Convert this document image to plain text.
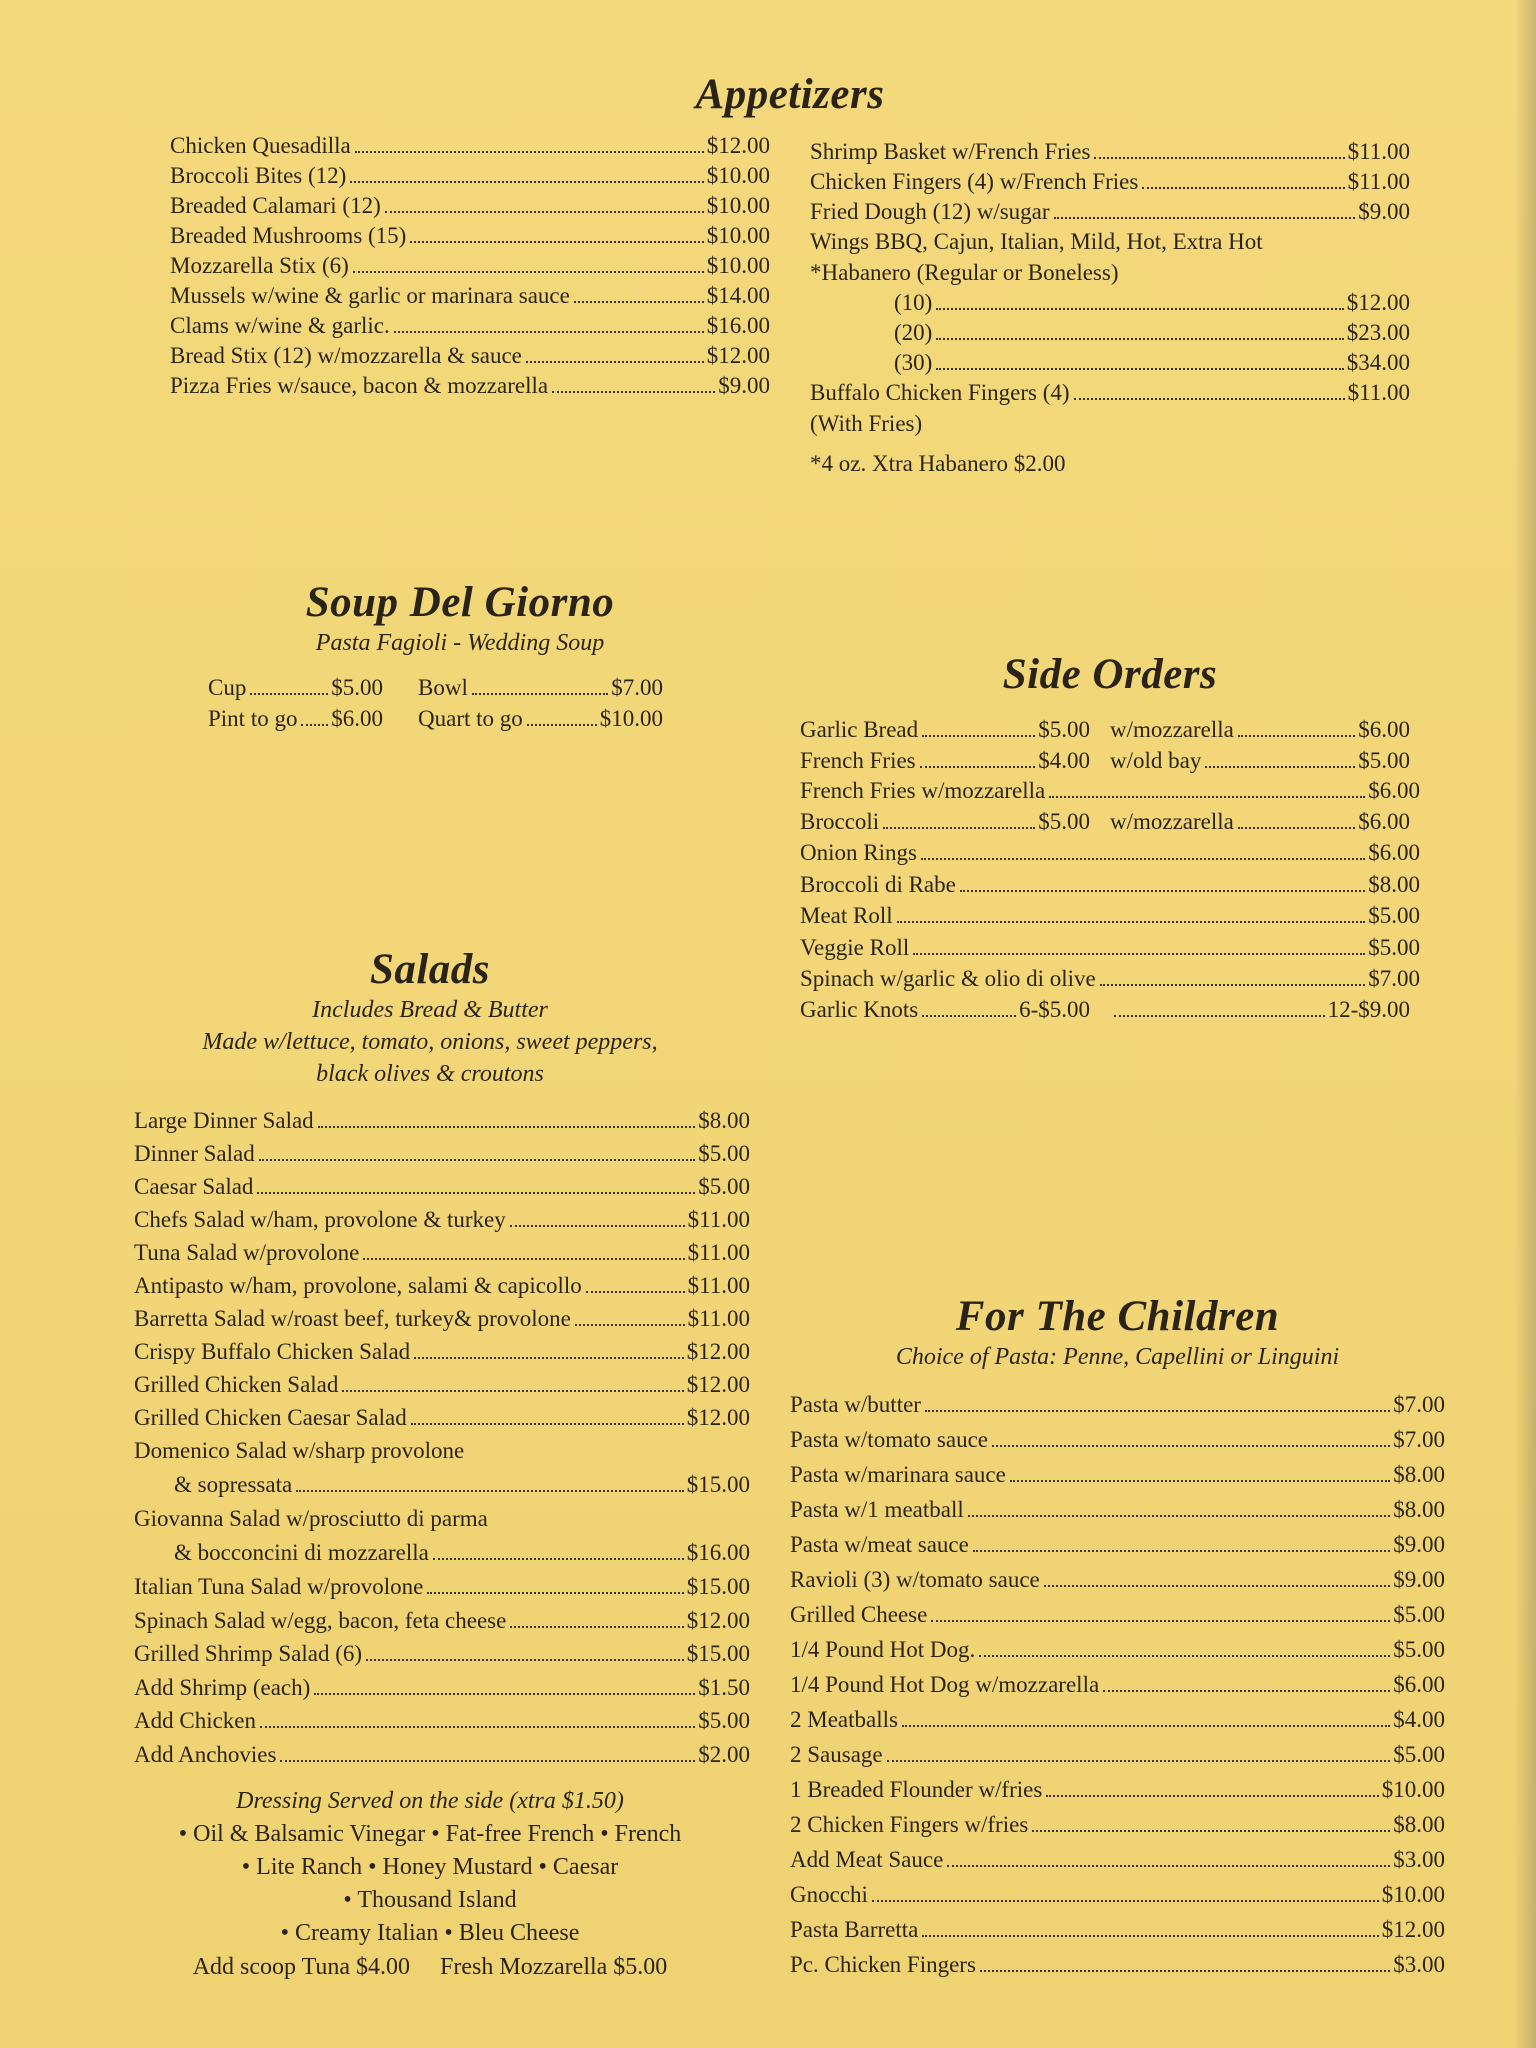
Appetizers
Chicken Quesadilla	$12.00
Broccoli Bites (12)	$10.00
Breaded Calamari (12)	$10.00
Breaded Mushrooms (15)	$10.00
Mozzarella Stix (6)	$10.00
Mussels w/wine & garlic or marinara sauce	$14.00
Clams w/wine & garlic.	$16.00
Bread Stix (12) w/mozzarella & sauce	$12.00
Pizza Fries w/sauce, bacon & mozzarella	$9.00
Shrimp Basket w/French Fries	$11.00
Chicken Fingers (4) w/French Fries	$11.00
Fried Dough (12) w/sugar	$9.00
Wings BBQ, Cajun, Italian, Mild, Hot, Extra Hot
*Habanero (Regular or Boneless)
(10)	$12.00
(20)	$23.00
(30)	$34.00
Buffalo Chicken Fingers (4)	$11.00
(With Fries)
*4 oz. Xtra Habanero $2.00
Soup Del Giorno
Pasta Fagioli - Wedding Soup
Cup	$5.00 Bowl	$7.00
Pint to go $6.00 Quart to go	$10.00
Side Orders
Garlic Bread	$5.00 w/mozzarella	$6.00
French Fries	$4.00 w/old bay	$5.00
French Fries w/mozzarella	$6.00
Broccoli	$5.00 w/mozzarella	$6.00
Onion Rings	$6.00
Broccoli di Rabe	$8.00
Meat Roll	$5.00
Veggie Roll	$5.00
Spinach w/garlic & olio di olive	$7.00
Garlic Knots	6-$5.00	12-$9.00
Salads
Includes Bread & Butter
Made w/lettuce, tomato, onions, sweet peppers,
black olives & croutons
Large Dinner Salad	$8.00
Dinner Salad	$5.00
Caesar Salad	$5.00
Chefs Salad w/ham, provolone & turkey	$11.00
Tuna Salad w/provolone	$11.00
Antipasto w/ham, provolone, salami & capicollo	$11.00
Barretta Salad w/roast beef, turkey& provolone	$11.00
Crispy Buffalo Chicken Salad	$12.00
Grilled Chicken Salad	$12.00
Grilled Chicken Caesar Salad	$12.00
Domenico Salad w/sharp provolone
& sopressata	$15.00
Giovanna Salad w/prosciutto di parma
& bocconcini di mozzarella	$16.00
Italian Tuna Salad w/provolone	$15.00
Spinach Salad w/egg, bacon, feta cheese	$12.00
Grilled Shrimp Salad (6)	$15.00
Add Shrimp (each)	$1.50
Add Chicken	$5.00
Add Anchovies	$2.00
Dressing Served on the side (xtra $1.50)
• Oil & Balsamic Vinegar • Fat-free French • French
• Lite Ranch • Honey Mustard • Caesar
• Thousand Island
• Creamy Italian • Bleu Cheese
Add scoop Tuna $4.00 Fresh Mozzarella $5.00
For The Children
Choice of Pasta: Penne, Capellini or Linguini
Pasta w/butter	$7.00
Pasta w/tomato sauce	$7.00
Pasta w/marinara sauce	$8.00
Pasta w/1 meatball	$8.00
Pasta w/meat sauce	$9.00
Ravioli (3) w/tomato sauce	$9.00
Grilled Cheese	$5.00
1/4 Pound Hot Dog.	$5.00
1/4 Pound Hot Dog w/mozzarella	$6.00
2 Meatballs	$4.00
2 Sausage	$5.00
1 Breaded Flounder w/fries	$10.00
2 Chicken Fingers w/fries	$8.00
Add Meat Sauce	$3.00
Gnocchi	$10.00
Pasta Barretta	$12.00
Pc. Chicken Fingers	$3.00
